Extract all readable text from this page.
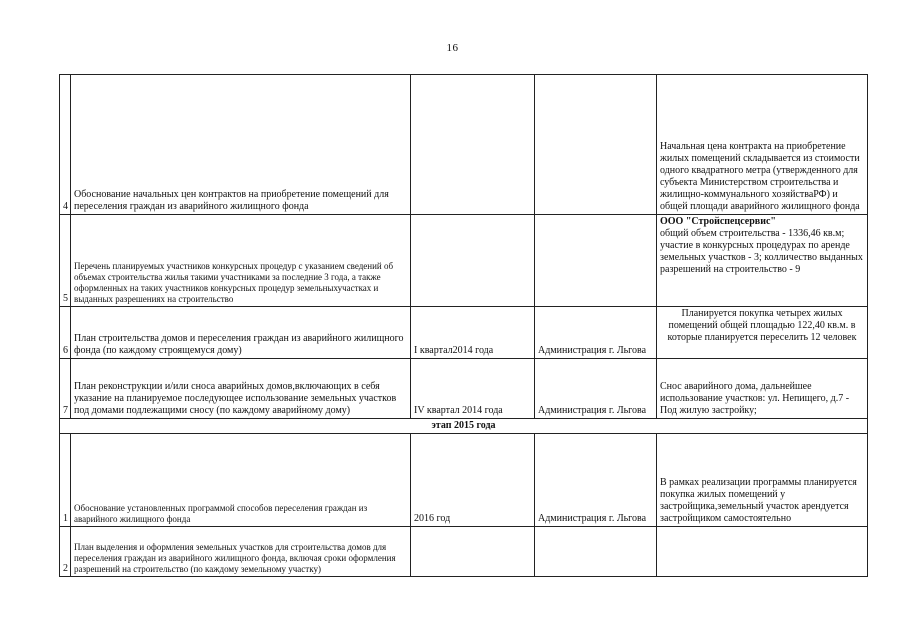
16
4	Обоснование начальных цен контрактов на приобретение помещений для переселения граждан из аварийного жилищного фонда			Начальная цена контракта на приобретение жилых помещений складывается из стоимости одного квадратного метра (утвержденного для субъекта Министерством строительства и жилищно-коммунального хозяйстваРФ) и общей площади аварийного жилищного фонда
5	Перечень планируемых участников конкурсных процедур с указанием сведений об объемах строительства жилья такими участниками за последние 3 года, а также оформленных на таких участников конкурсных процедур земельныхучастках и выданных разрешениях на строительство			ООО "Стройспецсервис"
общий объем строительства - 1336,46 кв.м; участие в конкурсных процедурах по аренде земельных участков - 3; колличество выданных разрешений на строительство - 9

6	План строительства домов и переселения граждан из аварийного жилищного фонда (по каждому строящемуся дому)	I квартал2014 года	Администрация г. Льгова	Планируется покупка четырех жилых помещений общей площадью 122,40 кв.м. в которые планируется переселить 12 человек

7	План реконструкции и/или сноса аварийных домов,включающих в себя указание на планируемое последующее использование земельных участков под домами подлежащими сносу (по каждому аварийному дому)	IV квартал 2014 года	Администрация г. Льгова	Снос аварийного дома, дальнейшее использование участков: ул. Непищего, д.7 - Под жилую застройку;
этап 2015 года				
1	Обоснование установленных программой способов переселения граждан из аварийного жилищного фонда	2016 год	Администрация г. Льгова	В рамках реализации программы планируется покупка жилых помещений у застройщика,земельный участок арендуется застройщиком самостоятельно
2	План выделения и оформления земельных участков для строительства домов для переселения граждан из аварийного жилищного фонда, включая сроки оформления разрешений на строительство (по каждому земельному участку)			
